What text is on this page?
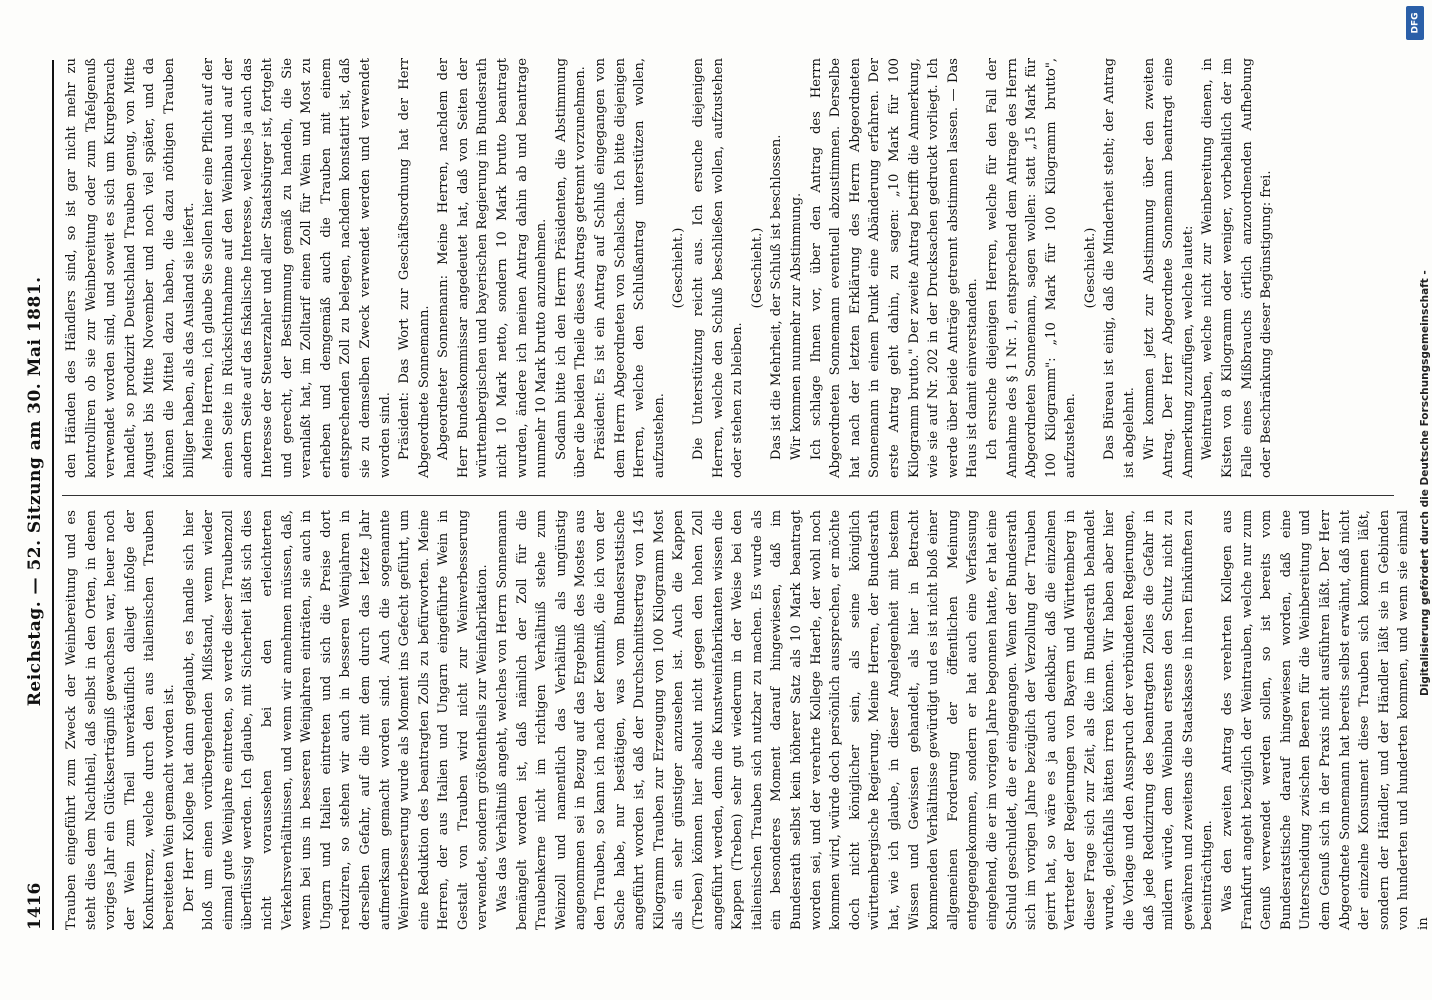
1416
Reichstag. — 52. Sitzung am 30. Mai 1881.

Trauben eingeführt zum Zweck der Weinbereitung und es steht dies dem Nachtheil, daß selbst in den Orten, in denen voriges Jahr ein Glückserträgniß gewachsen war, heuer noch der Wein zum Theil unverkäuflich daliegt infolge der Konkurrenz, welche durch den aus italienischen Trauben bereiteten Wein gemacht worden ist. Der Herr Kollege hat dann geglaubt, es handle sich hier bloß um einen vorübergehenden Mißstand, wenn wieder einmal gute Weinjahre eintreten, so werde dieser Traubenzoll überflüssig werden. Ich glaube, mit Sicherheit läßt sich dies nicht voraussehen bei den erleichterten Verkehrsverhältnissen, und wenn wir annehmen müssen, daß, wenn bei uns in besseren Weinjahren einträten, sie auch in Ungarn und Italien eintreten und sich die Preise dort reduziren, so stehen wir auch in besseren Weinjahren in derselben Gefahr, auf die mit dem durch das letzte Jahr aufmerksam gemacht worden sind. Auch die sogenannte Weinverbesserung wurde als Moment ins Gefecht geführt, um eine Reduktion des beantragten Zolls zu befürworten. Meine Herren, der aus Italien und Ungarn eingeführte Wein in Gestalt von Trauben wird nicht zur Weinverbesserung verwendet, sondern größtentheils zur Weinfabrikation. Was das Verhältniß angeht, welches von Herrn Sonnemann bemängelt worden ist, daß nämlich der Zoll für die Traubenkerne nicht im richtigen Verhältniß stehe zum Weinzoll und namentlich das Verhältniß als ungünstig angenommen sei in Bezug auf das Ergebniß des Mostes aus den Trauben, so kann ich nach der Kenntniß, die ich von der Sache habe, nur bestätigen, was vom Bundesratstische angeführt worden ist, daß der Durchschnittsertrag von 145 Kilogramm Trauben zur Erzeugung von 100 Kilogramm Most als ein sehr günstiger anzusehen ist. Auch die Kappen (Treben) können hier absolut nicht gegen den hohen Zoll angeführt werden, denn die Kunstweinfabrikanten wissen die Kappen (Treben) sehr gut wiederum in der Weise bei den italienischen Trauben sich nutzbar zu machen. Es wurde als ein besonderes Moment darauf hingewiesen, daß im Bundesrath selbst kein höherer Satz als 10 Mark beantragt worden sei, und der verehrte Kollege Haerle, der wohl noch kommen wird, würde doch persönlich aussprechen, er möchte doch nicht königlicher sein, als seine königlich württembergische Regierung. Meine Herren, der Bundesrath hat, wie ich glaube, in dieser Angelegenheit mit bestem Wissen und Gewissen gehandelt, als hier in Betracht kommenden Verhältnisse gewürdigt und es ist nicht bloß einer allgemeinen Forderung der öffentlichen Meinung entgegengekommen, sondern er hat auch eine Verfassung eingehend, die er im vorigen Jahre begonnen hatte, er hat eine Schuld geschuldet, die er eingegangen. Wenn der Bundesrath sich im vorigen Jahre bezüglich der Verzollung der Trauben geirrt hat, so wäre es ja auch denkbar, daß die einzelnen Vertreter der Regierungen von Bayern und Württemberg in dieser Frage sich zur Zeit, als die im Bundesrath behandelt wurde, gleichfalls hätten irren können. Wir haben aber hier die Vorlage und den Ausspruch der verbündeten Regierungen, daß jede Reduzirung des beantragten Zolles die Gefahr in mildern würde, dem Weinbau erstens den Schutz nicht zu gewähren und zweitens die Staatskasse in ihren Einkünften zu beeinträchtigen. Was den zweiten Antrag des verehrten Kollegen aus Frankfurt angeht bezüglich der Weintrauben, welche nur zum Genuß verwendet werden sollen, so ist bereits vom Bundesratstische darauf hingewiesen worden, daß eine Unterscheidung zwischen Beeren für die Weinbereitung und dem Genuß sich in der Praxis nicht ausführen läßt. Der Herr Abgeordnete Sonnemann hat bereits selbst erwähnt, daß nicht der einzelne Konsument diese Trauben sich kommen läßt, sondern der Händler, und der Händler läßt sie in Gebinden von hunderten und hunderten kommen, und wenn sie einmal in

den Händen des Händlers sind, so ist gar nicht mehr zu kontrolliren ob sie zur Weinbereitung oder zum Tafelgenuß verwendet worden sind, und soweit es sich um Kurgebrauch handelt, so produzirt Deutschland Trauben genug, von Mitte August bis Mitte November und noch viel später, und da können die Mittel dazu haben, die dazu nöthigen Trauben billiger haben, als das Ausland sie liefert. Meine Herren, ich glaube Sie sollen hier eine Pflicht auf der einen Seite in Rücksichtnahme auf den Weinbau und auf der andern Seite auf das fiskalische Interesse, welches ja auch das Interesse der Steuerzahler und aller Staatsbürger ist, fortgeht und gerecht, der Bestimmung gemäß zu handeln, die Sie veranlaßt hat, im Zolltarif einen Zoll für Wein und Most zu erheben und demgemäß auch die Trauben mit einem entsprechenden Zoll zu belegen, nachdem konstatirt ist, daß sie zu demselben Zweck verwendet werden und verwendet worden sind. Präsident: Das Wort zur Geschäftsordnung hat der Herr Abgeordnete Sonnemann. Abgeordneter Sonnemann: Meine Herren, nachdem der Herr Bundeskommissar angedeutet hat, daß von Seiten der württembergischen und bayerischen Regierung im Bundesrath nicht 10 Mark netto, sondern 10 Mark brutto beantragt wurden, ändere ich meinen Antrag dahin ab und beantrage nunmehr 10 Mark brutto anzunehmen. Sodann bitte ich den Herrn Präsidenten, die Abstimmung über die beiden Theile dieses Antrags getrennt vorzunehmen. Präsident: Es ist ein Antrag auf Schluß eingegangen von dem Herrn Abgeordneten von Schalscha. Ich bitte diejenigen Herren, welche den Schlußantrag unterstützen wollen, aufzustehen.

(Geschieht.) Die Unterstützung reicht aus. Ich ersuche diejenigen Herren, welche den Schluß beschließen wollen, aufzustehen oder stehen zu bleiben.

(Geschieht.) Das ist die Mehrheit, der Schluß ist beschlossen. Wir kommen nunmehr zur Abstimmung. Ich schlage Ihnen vor, über den Antrag des Herrn Abgeordneten Sonnemann eventuell abzustimmen. Derselbe hat nach der letzten Erklärung des Herrn Abgeordneten Sonnemann in einem Punkt eine Abänderung erfahren. Der erste Antrag geht dahin, zu sagen: „10 Mark für 100 Kilogramm brutto." Der zweite Antrag betrifft die Anmerkung, wie sie auf Nr. 202 in der Drucksachen gedruckt vorliegt. Ich werde über beide Anträge getrennt abstimmen lassen. — Das Haus ist damit einverstanden. Ich ersuche diejenigen Herren, welche für den Fall der Annahme des § 1 Nr. 1, entsprechend dem Antrage des Herrn Abgeordneten Sonnemann, sagen wollen: statt „15 Mark für 100 Kilogramm": „10 Mark für 100 Kilogramm brutto", aufzustehen.

(Geschieht.) Das Büreau ist einig, daß die Minderheit steht; der Antrag ist abgelehnt. Wir kommen jetzt zur Abstimmung über den zweiten Antrag. Der Herr Abgeordnete Sonnemann beantragt eine Anmerkung zuzufügen, welche lautet: Weintrauben, welche nicht zur Weinbereitung dienen, in Kisten von 8 Kilogramm oder weniger, vorbehaltlich der im Falle eines Mißbrauchs örtlich anzuordnenden Aufhebung oder Beschränkung dieser Begünstigung: frei.

DFG
Digitalisierung gefördert durch die Deutsche Forschungsgemeinschaft -
